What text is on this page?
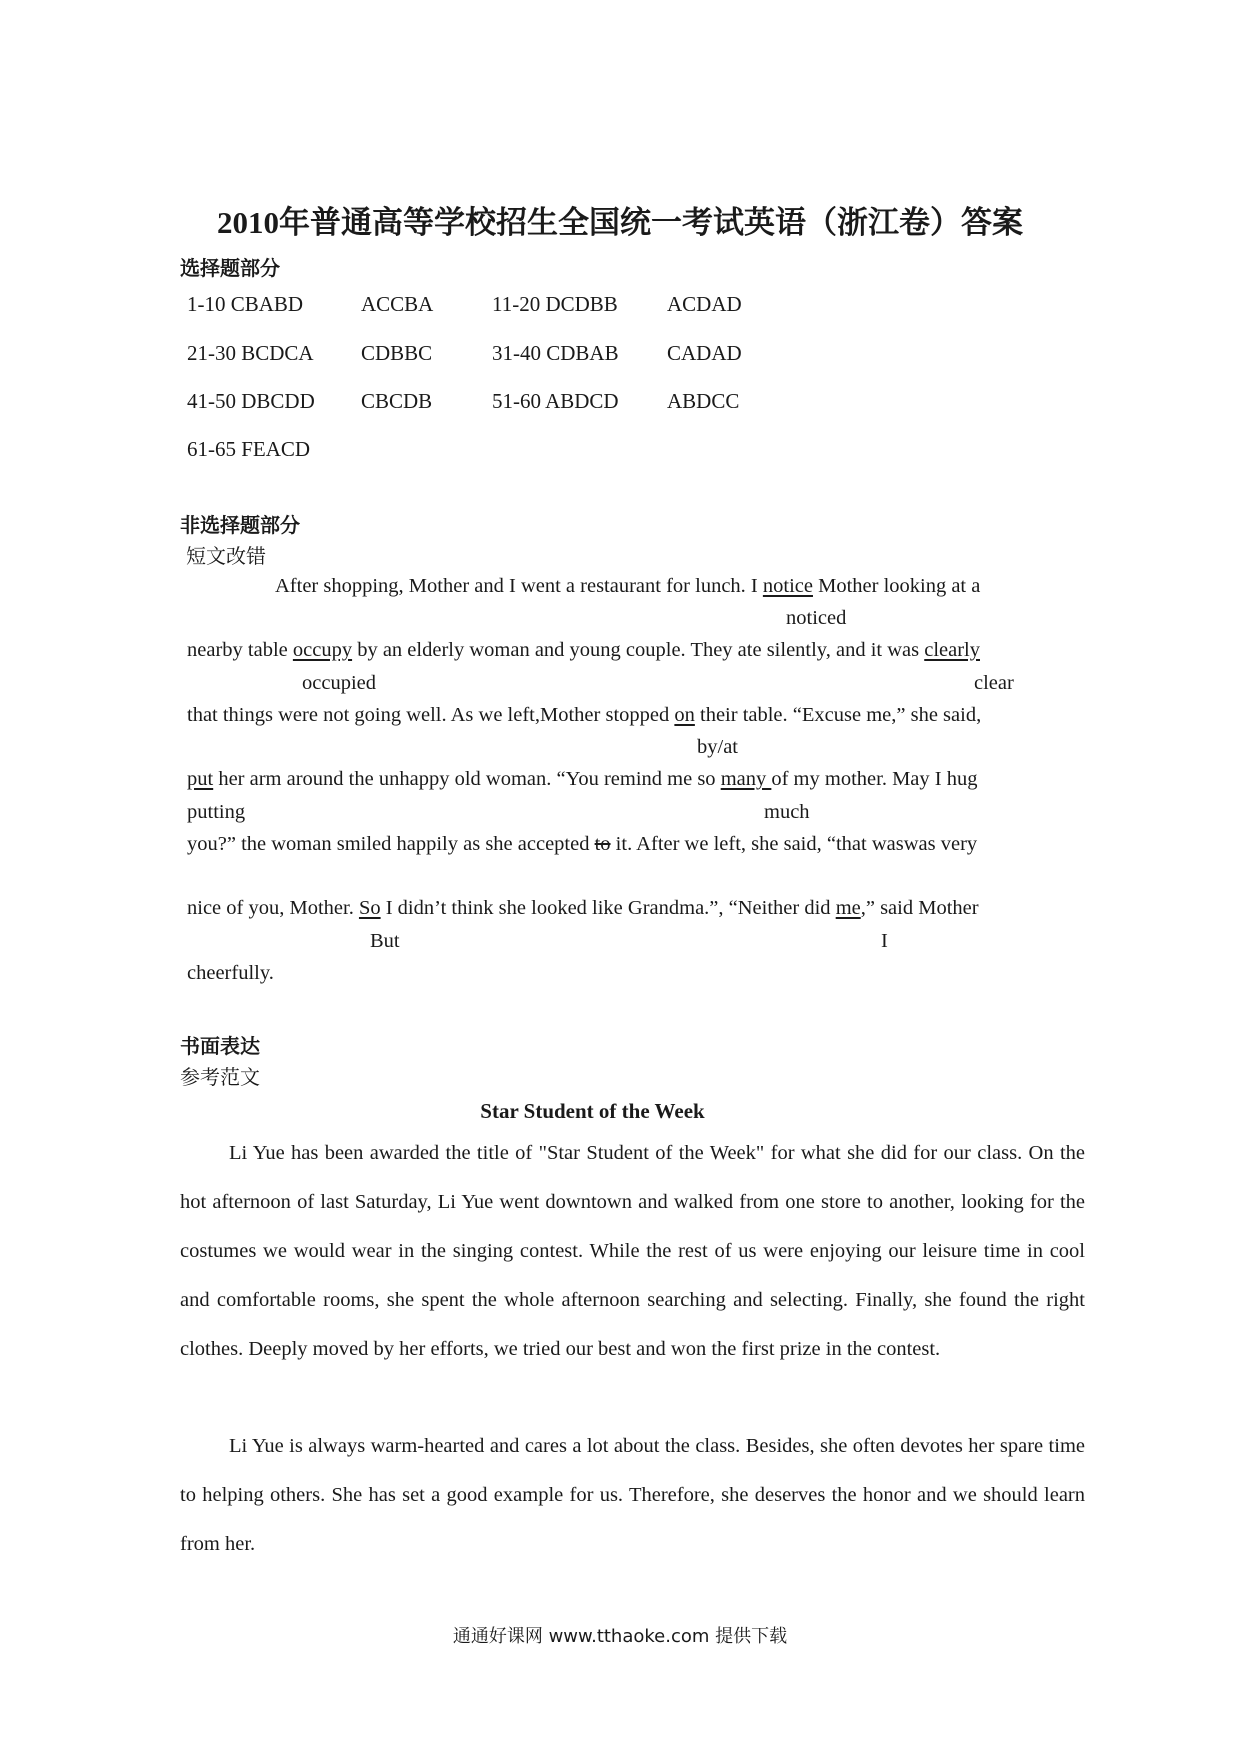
2010年普通高等学校招生全国统一考试英语（浙江卷）答案
选择题部分
1-10 CBABD	ACCBA	11-20 DCDBB ACDAD
21-30 BCDCA CDBBC	31-40 CDBAB CADAD
41-50 DBCDD CBCDB	51-60 ABDCD ABDCC
61-65 FEACD
非选择题部分
短文改错
After shopping, Mother and I went a restaurant for lunch. I notice Mother looking at a
noticed
nearby table occupy by an elderly woman and young couple. They ate silently, and it was clearly
occupied	clear
that things were not going well. As we left,Mother stopped on their table. “Excuse me,” she said,
by/at
put her arm around the unhappy old woman. “You remind me so many of my mother. May I hug
putting	much
you?” the woman smiled happily as she accepted to it. After we left, she said, “that waswas very
nice of you, Mother. So I didn’t think she looked like Grandma.”, “Neither did me,” said Mother
But	I
cheerfully.
书面表达
参考范文
Star Student of the Week
Li Yue has been awarded the title of "Star Student of the Week" for what she did for our class. On the hot afternoon of last Saturday, Li Yue went downtown and walked from one store to another, looking for the costumes we would wear in the singing contest. While the rest of us were enjoying our leisure time in cool and comfortable rooms, she spent the whole afternoon searching and selecting. Finally, she found the right clothes. Deeply moved by her efforts, we tried our best and won the first prize in the contest.
Li Yue is always warm-hearted and cares a lot about the class. Besides, she often devotes her spare time to helping others. She has set a good example for us. Therefore, she deserves the honor and we should learn from her.
通通好课网 www.tthaoke.com 提供下载
